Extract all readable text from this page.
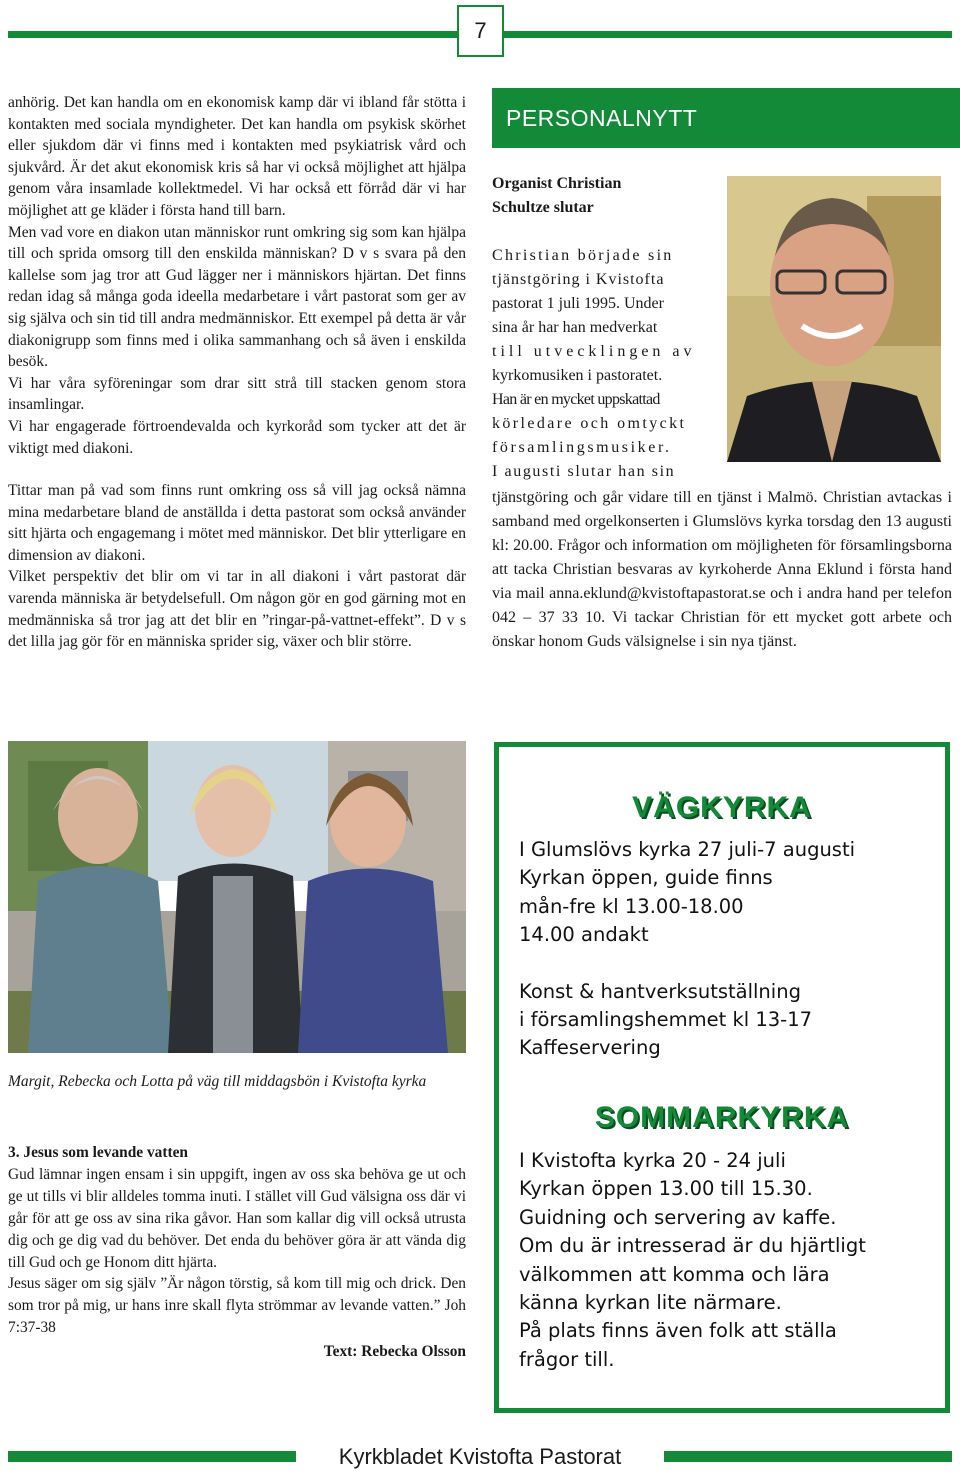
7

anhörig. Det kan handla om en ekonomisk kamp där vi ibland får stötta i kontakten med sociala myndigheter. Det kan handla om psykisk skörhet eller sjukdom där vi finns med i kontakten med psykiatrisk vård och sjukvård. Är det akut ekonomisk kris så har vi också möjlighet att hjälpa genom våra insamlade kollektmedel. Vi har också ett förråd där vi har möjlighet att ge kläder i första hand till barn.

Men vad vore en diakon utan människor runt omkring sig som kan hjälpa till och sprida omsorg till den enskilda människan? D v s svara på den kallelse som jag tror att Gud lägger ner i människors hjärtan. Det finns redan idag så många goda ideella medarbetare i vårt pastorat som ger av sig själva och sin tid till andra medmänniskor. Ett exempel på detta är vår diakonigrupp som finns med i olika sammanhang och så även i enskilda besök.

Vi har våra syföreningar som drar sitt strå till stacken genom stora insamlingar.

Vi har engagerade förtroendevalda och kyrkoråd som tycker att det är viktigt med diakoni.

Tittar man på vad som finns runt omkring oss så vill jag också nämna mina medarbetare bland de anställda i detta pastorat som också använder sitt hjärta och engagemang i mötet med människor. Det blir ytterligare en dimension av diakoni.

Vilket perspektiv det blir om vi tar in all diakoni i vårt pastorat där varenda människa är betydelsefull. Om någon gör en god gärning mot en medmänniska så tror jag att det blir en ”ringar-på-vattnet-effekt”. D v s det lilla jag gör för en människa sprider sig, växer och blir större.

Margit, Rebecka och Lotta på väg till middagsbön i Kvistofta kyrka

3. Jesus som levande vatten

Gud lämnar ingen ensam i sin uppgift, ingen av oss ska behöva ge ut och ge ut tills vi blir alldeles tomma inuti. I stället vill Gud välsigna oss där vi går för att ge oss av sina rika gåvor. Han som kallar dig vill också utrusta dig och ge dig vad du behöver. Det enda du behöver göra är att vända dig till Gud och ge Honom ditt hjärta.

Jesus säger om sig själv ”Är någon törstig, så kom till mig och drick. Den som tror på mig, ur hans inre skall flyta strömmar av levande vatten.” Joh 7:37-38

Text: Rebecka Olsson

PERSONALNYTT
Organist Christian
Schultze slutar
Christian började sin
tjänstgöring i Kvistofta
pastorat 1 juli 1995. Under
sina år har han medverkat
till utvecklingen av
kyrkomusiken i pastoratet.
Han är en mycket uppskattad
körledare och omtyckt
församlingsmusiker.
I augusti slutar han sin
tjänstgöring och går vidare till en tjänst i Malmö. Christian avtackas i samband med orgelkonserten i Glumslövs kyrka torsdag den 13 augusti kl: 20.00. Frågor och information om möjligheten för församlingsborna att tacka Christian besvaras av kyrkoherde Anna Eklund i första hand via mail anna.eklund@kvistoftapastorat.se och i andra hand per telefon 042 – 37 33 10. Vi tackar Christian för ett mycket gott arbete och önskar honom Guds välsignelse i sin nya tjänst.
VÄGKYRKA
I Glumslövs kyrka 27 juli-7 augusti
Kyrkan öppen, guide finns
mån-fre kl 13.00-18.00
14.00 andakt
Konst & hantverksutställning
i församlingshemmet kl 13-17
Kaffeservering
SOMMARKYRKA
I Kvistofta kyrka 20 - 24 juli
Kyrkan öppen 13.00 till 15.30.
Guidning och servering av kaffe.
Om du är intresserad är du hjärtligt
välkommen att komma och lära
känna kyrkan lite närmare.
På plats finns även folk att ställa
frågor till.
Kyrkbladet Kvistofta Pastorat
